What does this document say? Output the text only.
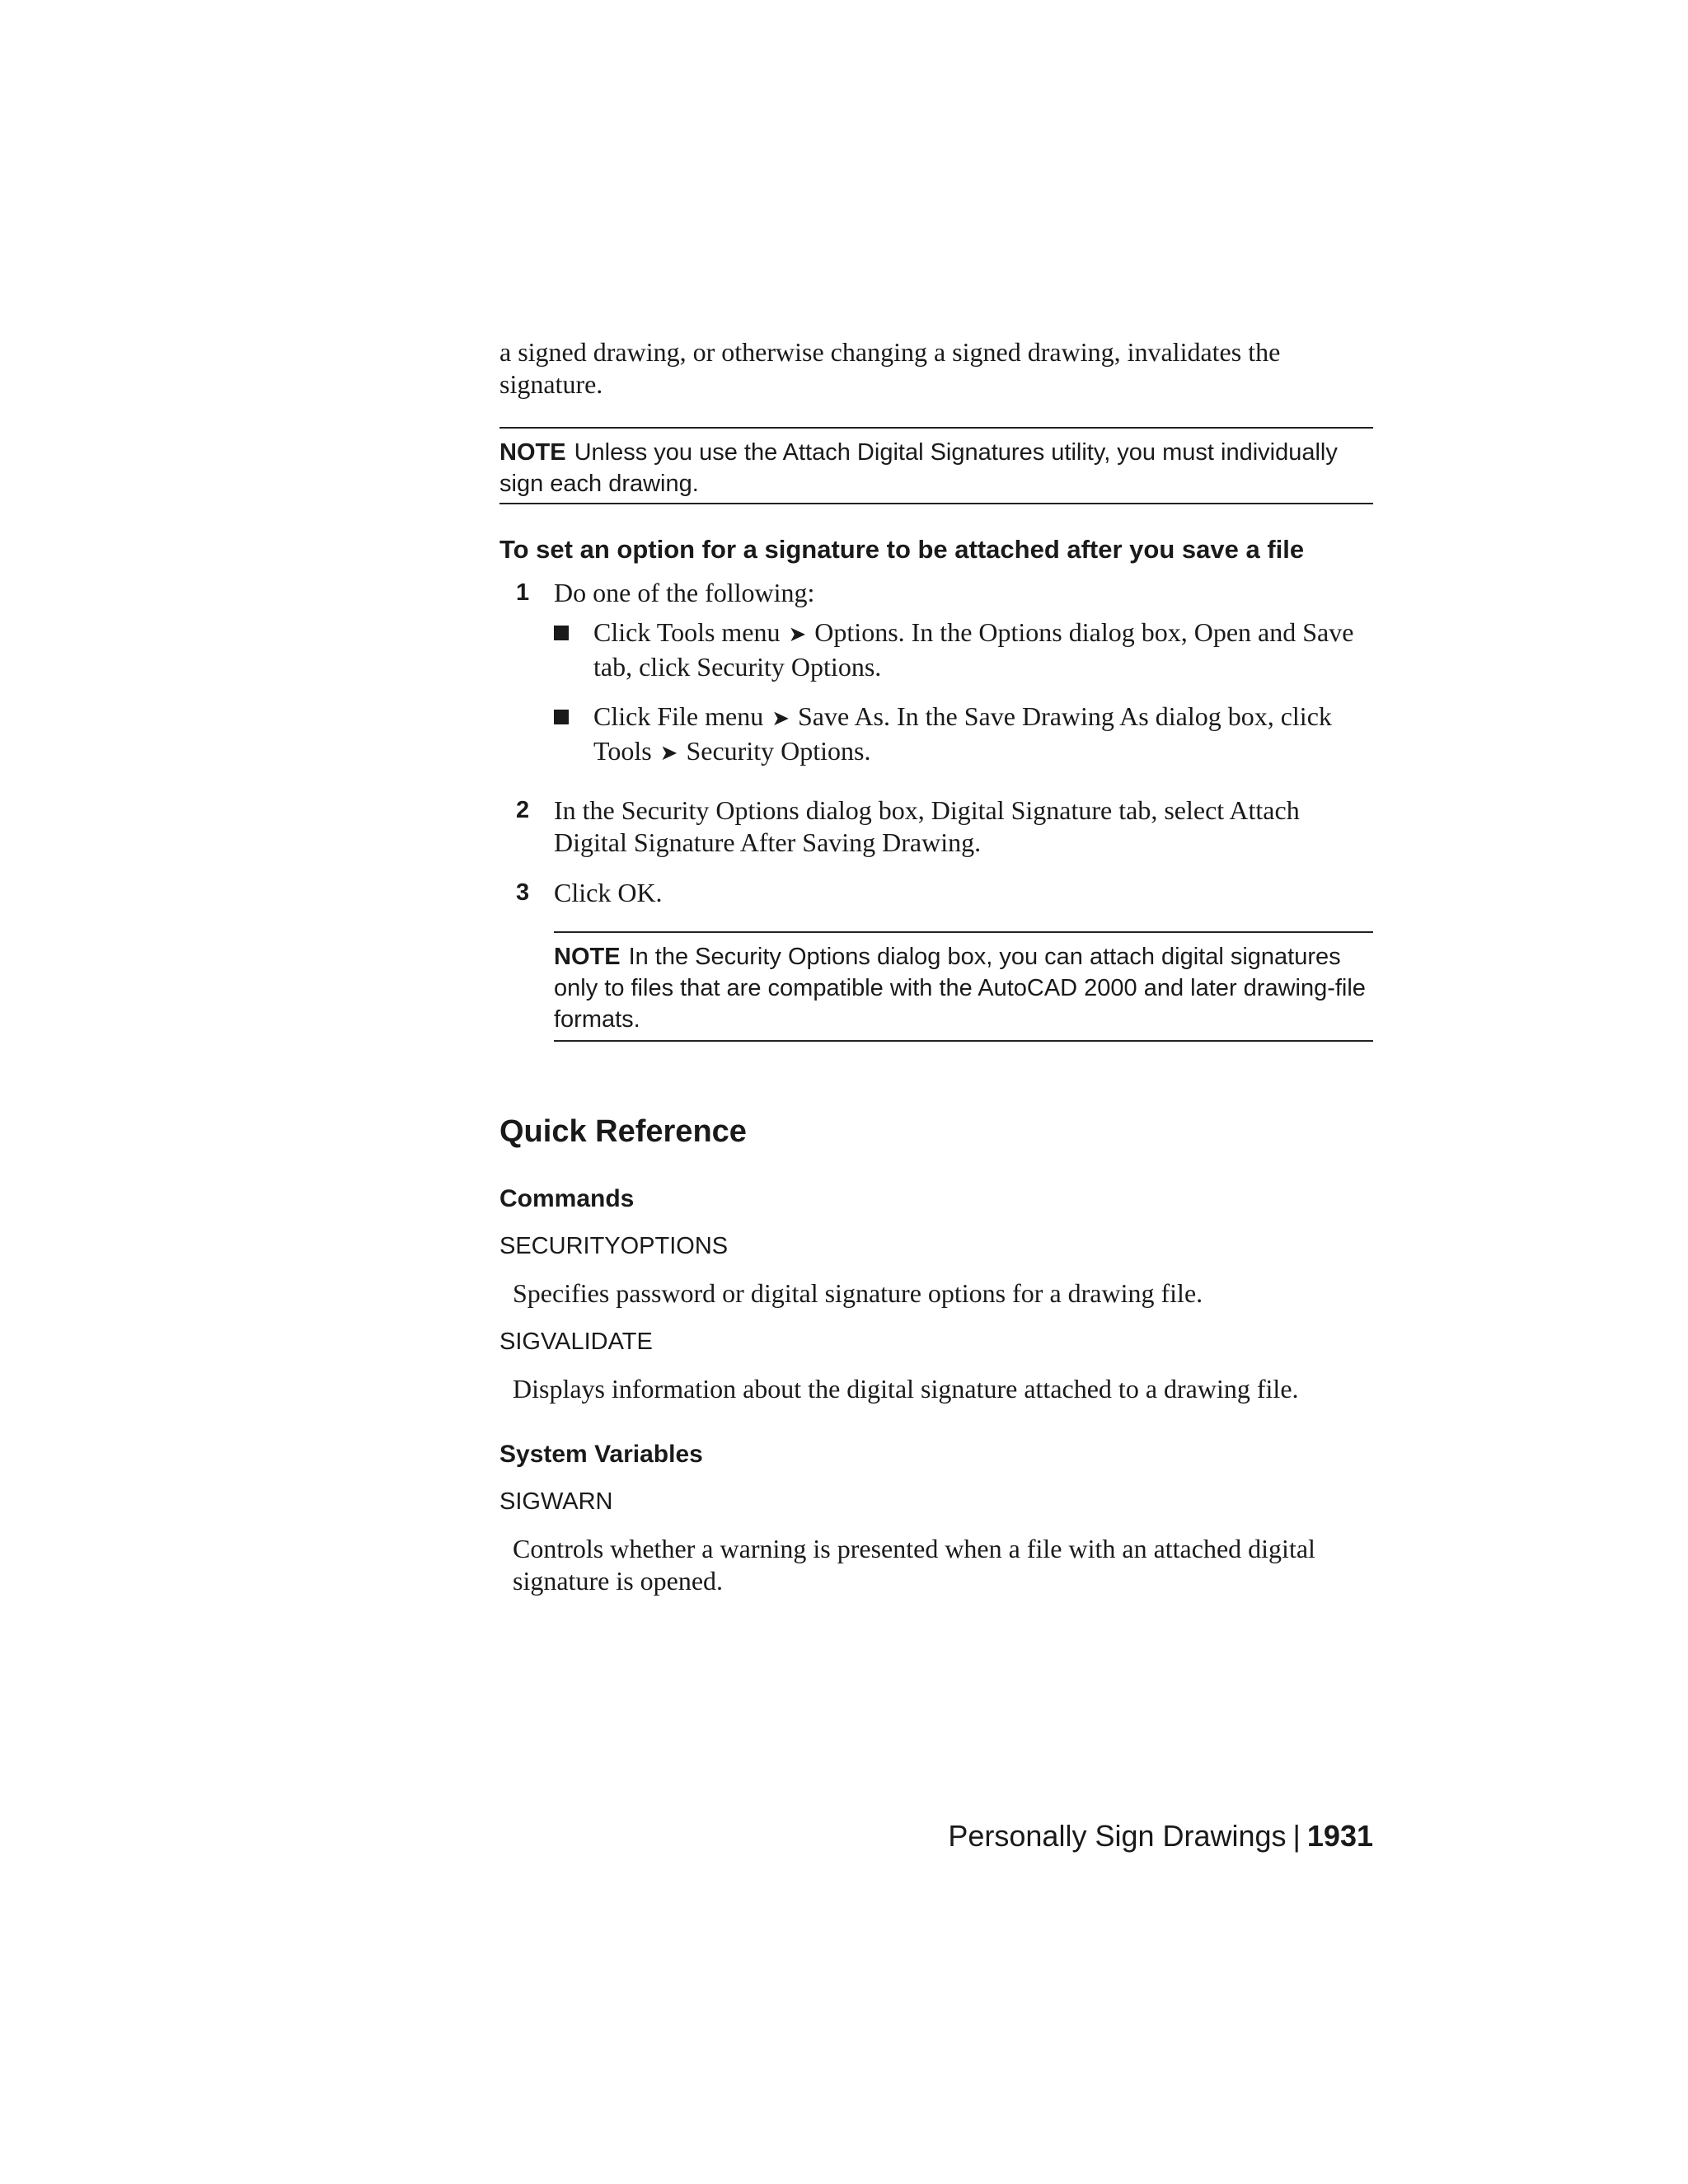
a signed drawing, or otherwise changing a signed drawing, invalidates the signature.
NOTE Unless you use the Attach Digital Signatures utility, you must individually sign each drawing.
To set an option for a signature to be attached after you save a file
1 Do one of the following:
Click Tools menu ➤ Options. In the Options dialog box, Open and Save tab, click Security Options.
Click File menu ➤ Save As. In the Save Drawing As dialog box, click Tools ➤ Security Options.
2 In the Security Options dialog box, Digital Signature tab, select Attach Digital Signature After Saving Drawing.
3 Click OK.
NOTE In the Security Options dialog box, you can attach digital signatures only to files that are compatible with the AutoCAD 2000 and later drawing-file formats.
Quick Reference
Commands
SECURITYOPTIONS
Specifies password or digital signature options for a drawing file.
SIGVALIDATE
Displays information about the digital signature attached to a drawing file.
System Variables
SIGWARN
Controls whether a warning is presented when a file with an attached digital signature is opened.
Personally Sign Drawings | 1931
